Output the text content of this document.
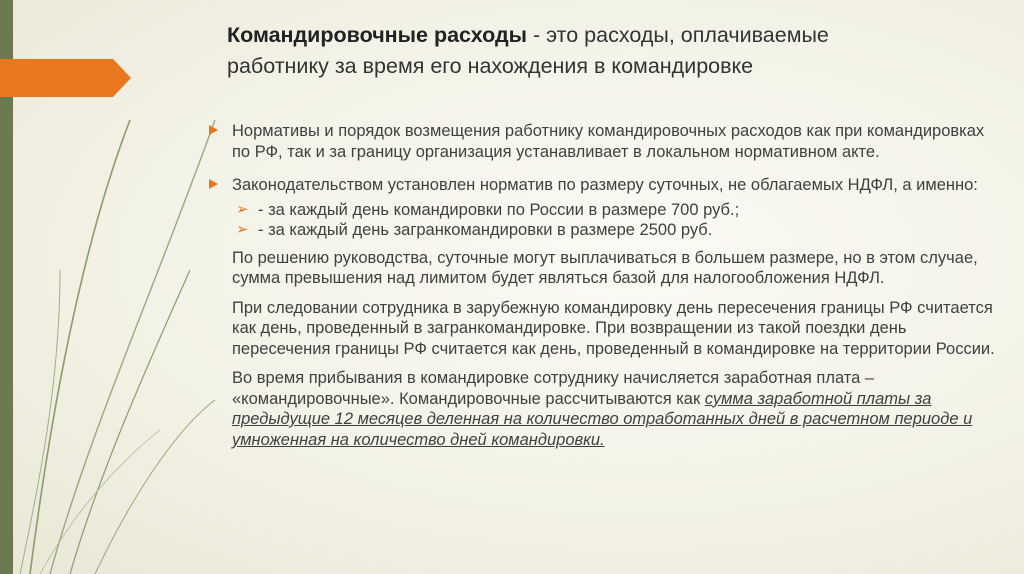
Командировочные расходы - это расходы, оплачиваемые работнику за время его нахождения в командировке
Нормативы и порядок возмещения работнику командировочных расходов как при командировках по РФ, так и за границу организация устанавливает в локальном нормативном акте.
Законодательством установлен норматив по размеру суточных, не облагаемых НДФЛ, а именно:
➢ - за каждый день командировки по России в размере 700 руб.;
➢ - за каждый день загранкомандировки в размере 2500 руб.
По решению руководства, суточные могут выплачиваться в большем размере, но в этом случае, сумма превышения над лимитом будет являться базой для налогообложения НДФЛ.
При следовании сотрудника в зарубежную командировку день пересечения границы РФ считается как день, проведенный в загранкомандировке. При возвращении из такой поездки день пересечения границы РФ считается как день, проведенный в командировке на территории России.
Во время прибывания в командировке сотруднику начисляется заработная плата – «командировочные». Командировочные рассчитываются как сумма заработной платы за предыдущие 12 месяцев деленная на количество отработанных дней в расчетном периоде и умноженная на количество дней командировки.
